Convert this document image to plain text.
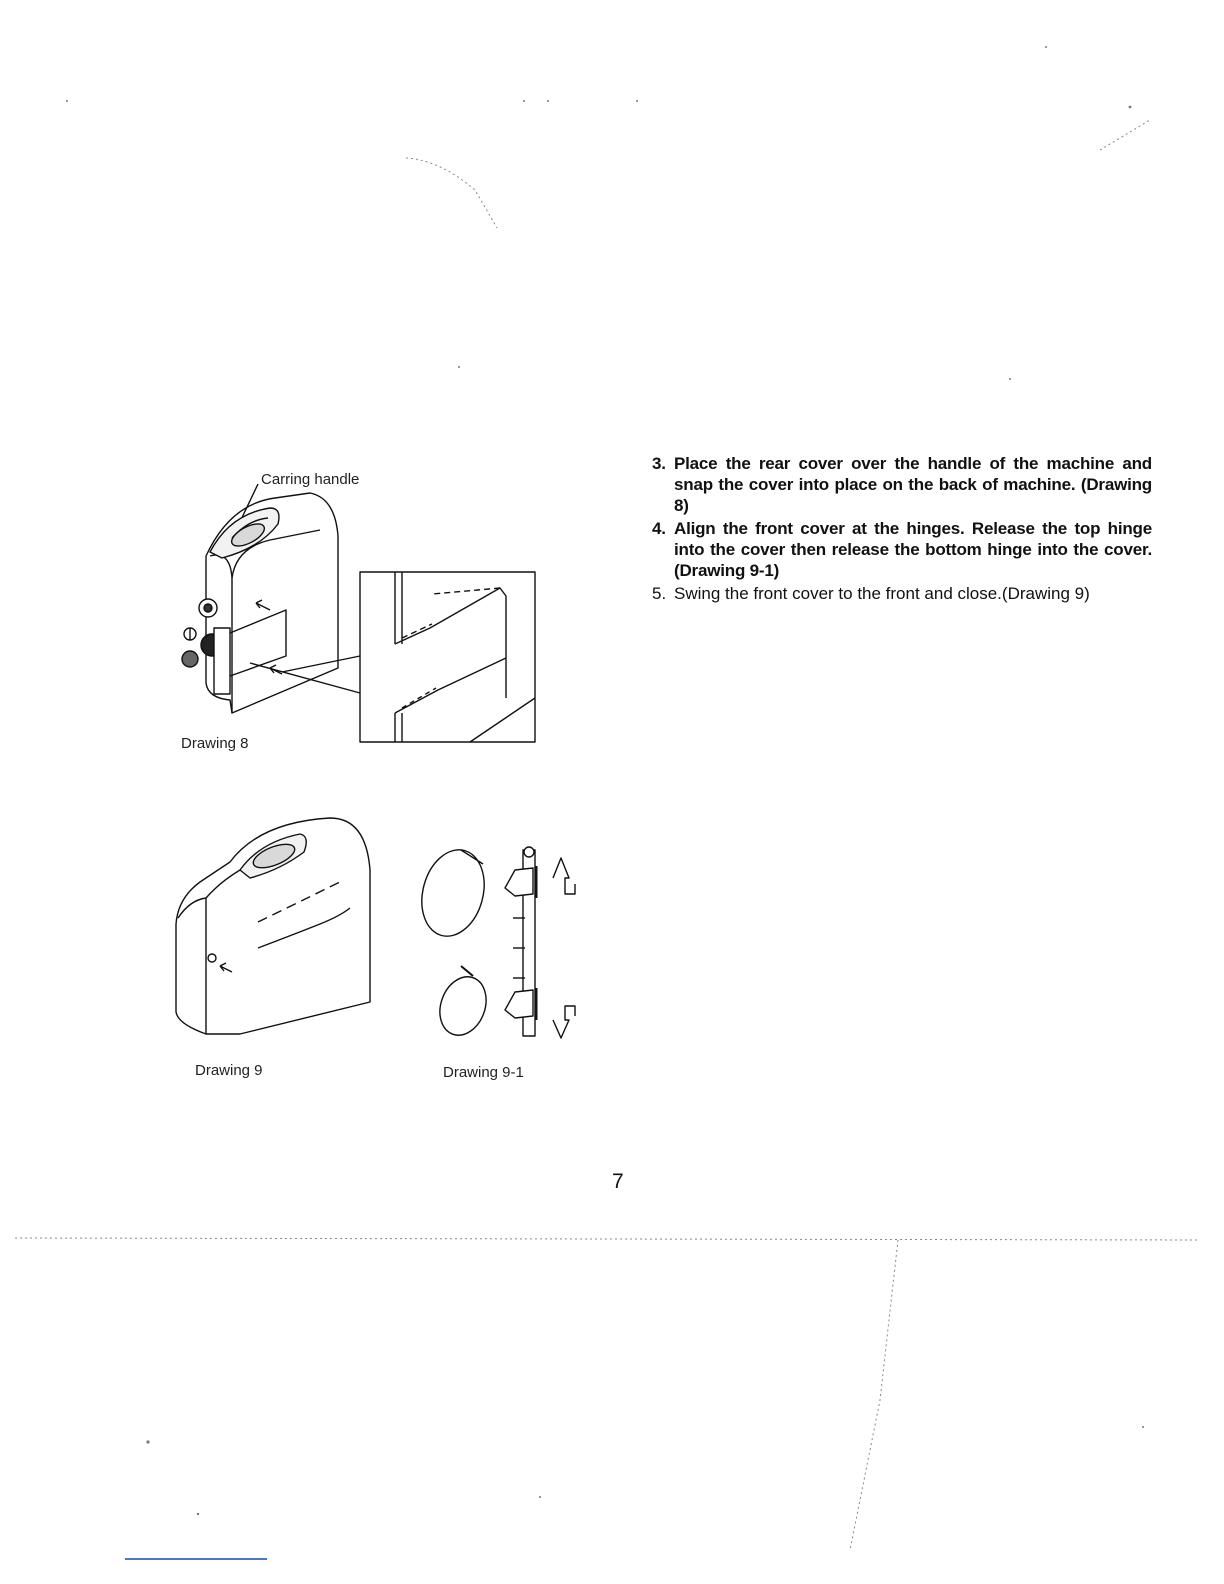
Carring handle
Drawing 8
Drawing 9	Drawing 9-1
3. Place the rear cover over the handle of the machine and snap the cover into place on the back of machine. (Drawing 8)
4. Align the front cover at the hinges. Release the top hinge into the cover then release the bottom hinge into the cover. (Drawing 9-1)
5. Swing the front cover to the front and close.(Drawing 9)
7
